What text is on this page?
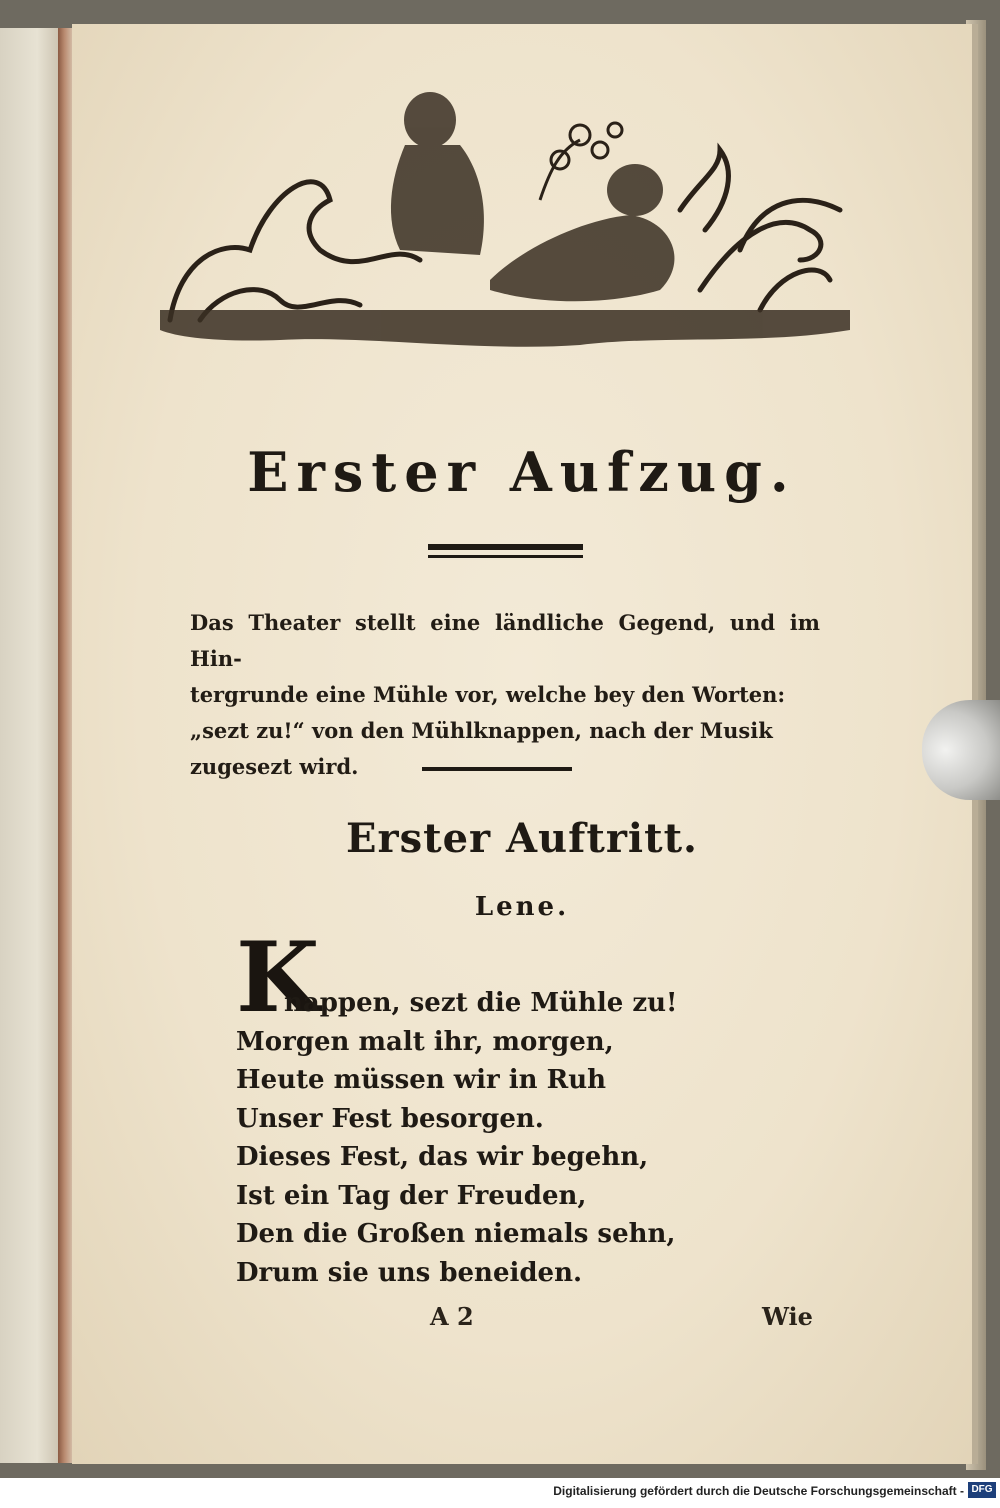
Erster Aufzug.
Das Theater stellt eine ländliche Gegend, und im Hin-
tergrunde eine Mühle vor, welche bey den Worten:
„sezt zu!“ von den Mühlknappen, nach der Musik
zugesezt wird.
Erster Auftritt.
Lene.
K
nappen, sezt die Mühle zu!
Morgen malt ihr, morgen,
Heute müssen wir in Ruh
Unser Fest besorgen.
Dieses Fest, das wir begehn,
Ist ein Tag der Freuden,
Den die Großen niemals sehn,
Drum sie uns beneiden.
A 2	Wie
Digitalisierung gefördert durch die Deutsche Forschungsgemeinschaft - DFG
